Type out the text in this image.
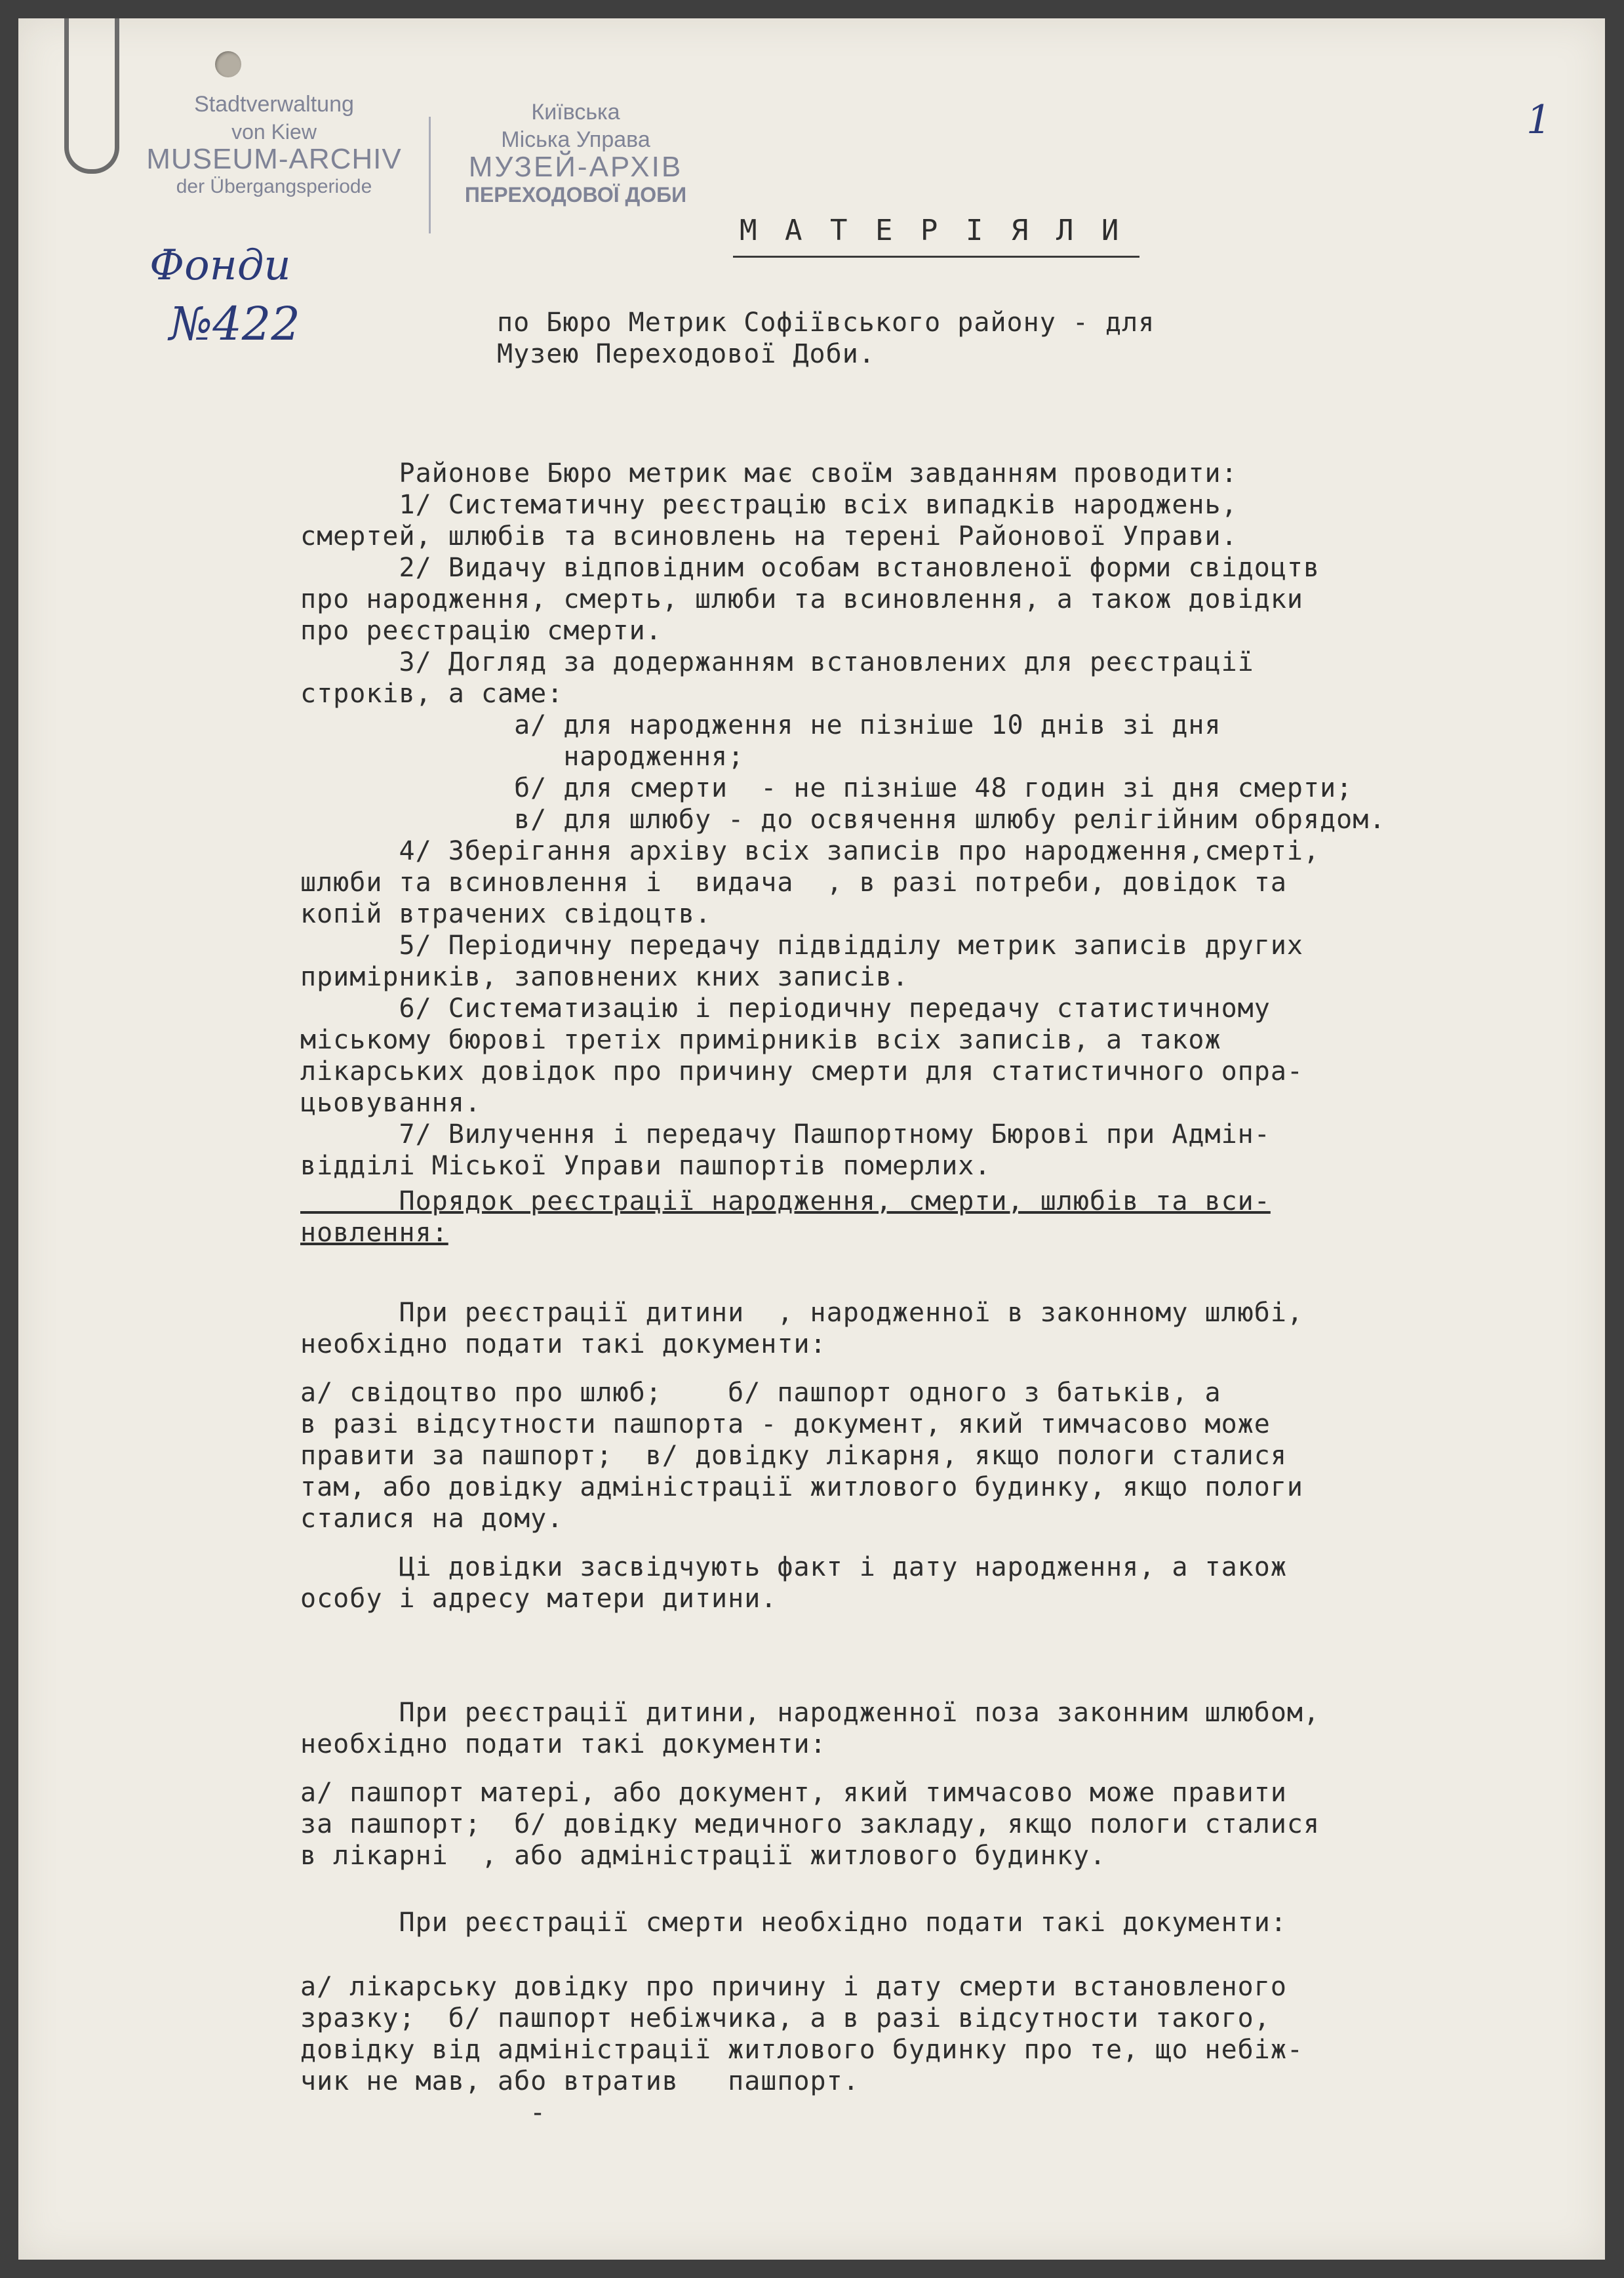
Stadtverwaltung
von Kiew
MUSEUM-ARCHIV
der Übergangsperiode
Київська
Міська Управа
МУЗЕЙ-АРХІВ
ПЕРЕХОДОВОЇ ДОБИ
Фонди
№422
1
М А Т Е Р І Я Л И
по Бюро Метрик Софіївського району - для
Музею Переходової Доби.
Районове Бюро метрик має своїм завданням проводити:
1/ Систематичну реєстрацію всіх випадків народжень,
смертей, шлюбів та всиновлень на терені Районової Управи.
2/ Видачу відповідним особам встановленої форми свідоцтв
про народження, смерть, шлюби та всиновлення, а також довідки
про реєстрацію смерти.
3/ Догляд за додержанням встановлених для реєстрації
строків, а саме:
а/ для народження не пізніше 10 днів зі дня
народження;
б/ для смерти  - не пізніше 48 годин зі дня смерти;
в/ для шлюбу - до освячення шлюбу релігійним обрядом.
4/ Зберігання архіву всіх записів про народження,смерті,
шлюби та всиновлення і  видача  , в разі потреби, довідок та
копій втрачених свідоцтв.
5/ Періодичну передачу підвідділу метрик записів других
примірників, заповнених кних записів.
6/ Систематизацію і періодичну передачу статистичному
міському бюрові третіх примірників всіх записів, а також
лікарських довідок про причину смерти для статистичного опра-
цьовування.
7/ Вилучення і передачу Пашпортному Бюрові при Адмін-
відділі Міської Управи пашпортів померлих.
Порядок реєстрації народження, смерти, шлюбів та вси-
новлення:
При реєстрації дитини  , народженної в законному шлюбі,
необхідно подати такі документи:
а/ свідоцтво про шлюб;    б/ пашпорт одного з батьків, а
в разі відсутности пашпорта - документ, який тимчасово може
правити за пашпорт;  в/ довідку лікарня, якщо пологи сталися
там, або довідку адміністрації житлового будинку, якщо пологи
сталися на дому.
Ці довідки засвідчують факт і дату народження, а також
особу і адресу матери дитини.
При реєстрації дитини, народженної поза законним шлюбом,
необхідно подати такі документи:
а/ пашпорт матері, або документ, який тимчасово може правити
за пашпорт;  б/ довідку медичного закладу, якщо пологи сталися
в лікарні  , або адміністрації житлового будинку.
При реєстрації смерти необхідно подати такі документи:
а/ лікарську довідку про причину і дату смерти встановленого
зразку;  б/ пашпорт небіжчика, а в разі відсутности такого,
довідку від адміністрації житлового будинку про те, що небіж-
чик не мав, або втратив   пашпорт.
-
